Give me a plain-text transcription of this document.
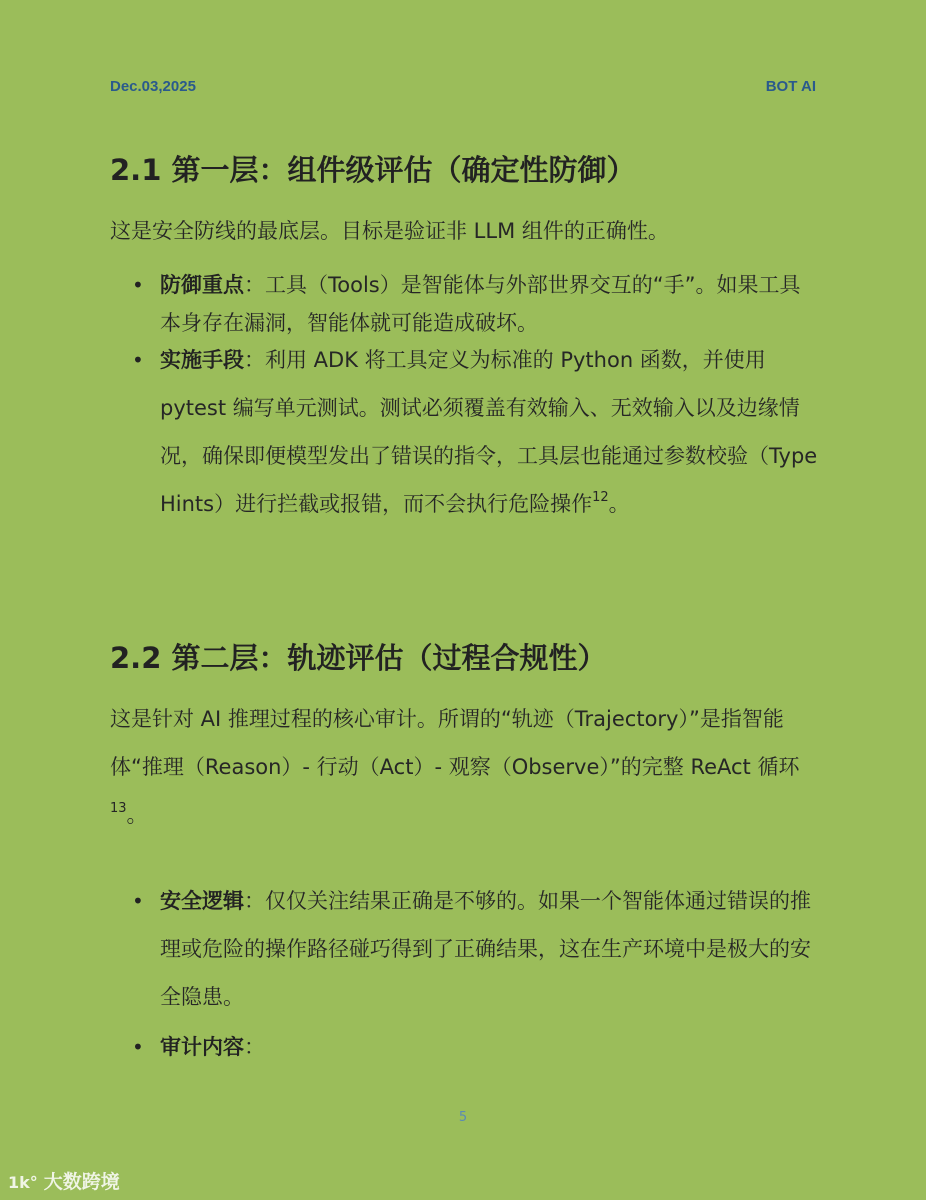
Dec.03,2025	BOT AI
2.1 第一层：组件级评估（确定性防御）

这是安全防线的最底层。目标是验证非 LLM 组件的正确性。

• 防御重点：工具（Tools）是智能体与外部世界交互的“手”。如果工具本身存在漏洞，智能体就可能造成破坏。
• 实施手段：利用 ADK 将工具定义为标准的 Python 函数，并使用 pytest 编写单元测试。测试必须覆盖有效输入、无效输入以及边缘情况，确保即便模型发出了错误的指令，工具层也能通过参数校验（Type Hints）进行拦截或报错，而不会执行危险操作$^{12}$。
2.2 第二层：轨迹评估（过程合规性）

这是针对 AI 推理过程的核心审计。所谓的“轨迹（Trajectory）”是指智能体“推理（Reason）- 行动（Act）- 观察（Observe）”的完整 ReAct 循环$^{13}$。

• 安全逻辑：仅仅关注结果正确是不够的。如果一个智能体通过错误的推理或危险的操作路径碰巧得到了正确结果，这在生产环境中是极大的安全隐患。
• 审计内容：
5
1k° 大数跨境
